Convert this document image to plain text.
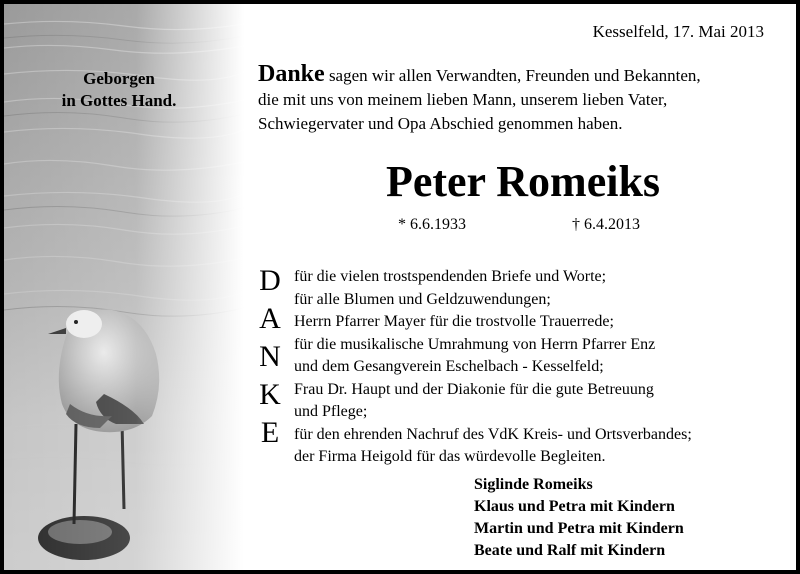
Geborgen
in Gottes Hand.
Kesselfeld, 17. Mai 2013
Danke sagen wir allen Verwandten, Freunden und Bekannten,
die mit uns von meinem lieben Mann, unserem lieben Vater,
Schwiegervater und Opa Abschied genommen haben.
Peter Romeiks
* 6.6.1933	† 6.4.2013
D
A
N
K
E
für die vielen trostspendenden Briefe und Worte;
für alle Blumen und Geldzuwendungen;
Herrn Pfarrer Mayer für die trostvolle Trauerrede;
für die musikalische Umrahmung von Herrn Pfarrer Enz
und dem Gesangverein Eschelbach - Kesselfeld;
Frau Dr. Haupt und der Diakonie für die gute Betreuung
und Pflege;
für den ehrenden Nachruf des VdK Kreis- und Ortsverbandes;
der Firma Heigold für das würdevolle Begleiten.
Siglinde Romeiks
Klaus und Petra mit Kindern
Martin und Petra mit Kindern
Beate und Ralf mit Kindern
